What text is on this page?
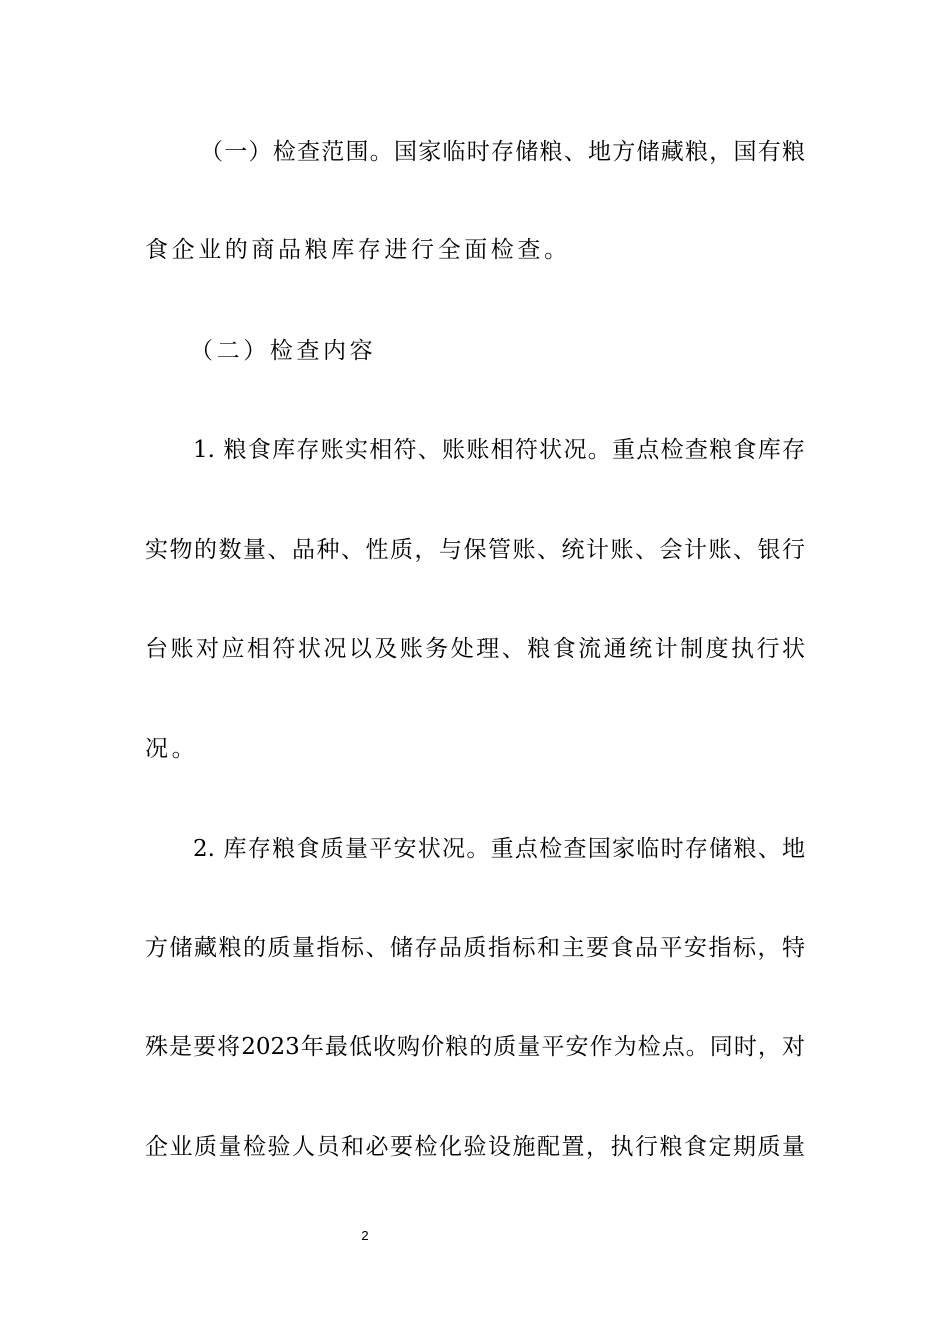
（一）检查范围。国家临时存储粮、地方储藏粮，国有粮
食企业的商品粮库存进行全面检查。
（二）检查内容
1. 粮食库存账实相符、账账相符状况。重点检查粮食库存
实物的数量、品种、性质，与保管账、统计账、会计账、银行
台账对应相符状况以及账务处理、粮食流通统计制度执行状
况。
2. 库存粮食质量平安状况。重点检查国家临时存储粮、地
方储藏粮的质量指标、储存品质指标和主要食品平安指标，特
殊是要将2023年最低收购价粮的质量平安作为检点。同时，对
企业质量检验人员和必要检化验设施配置，执行粮食定期质量
2
